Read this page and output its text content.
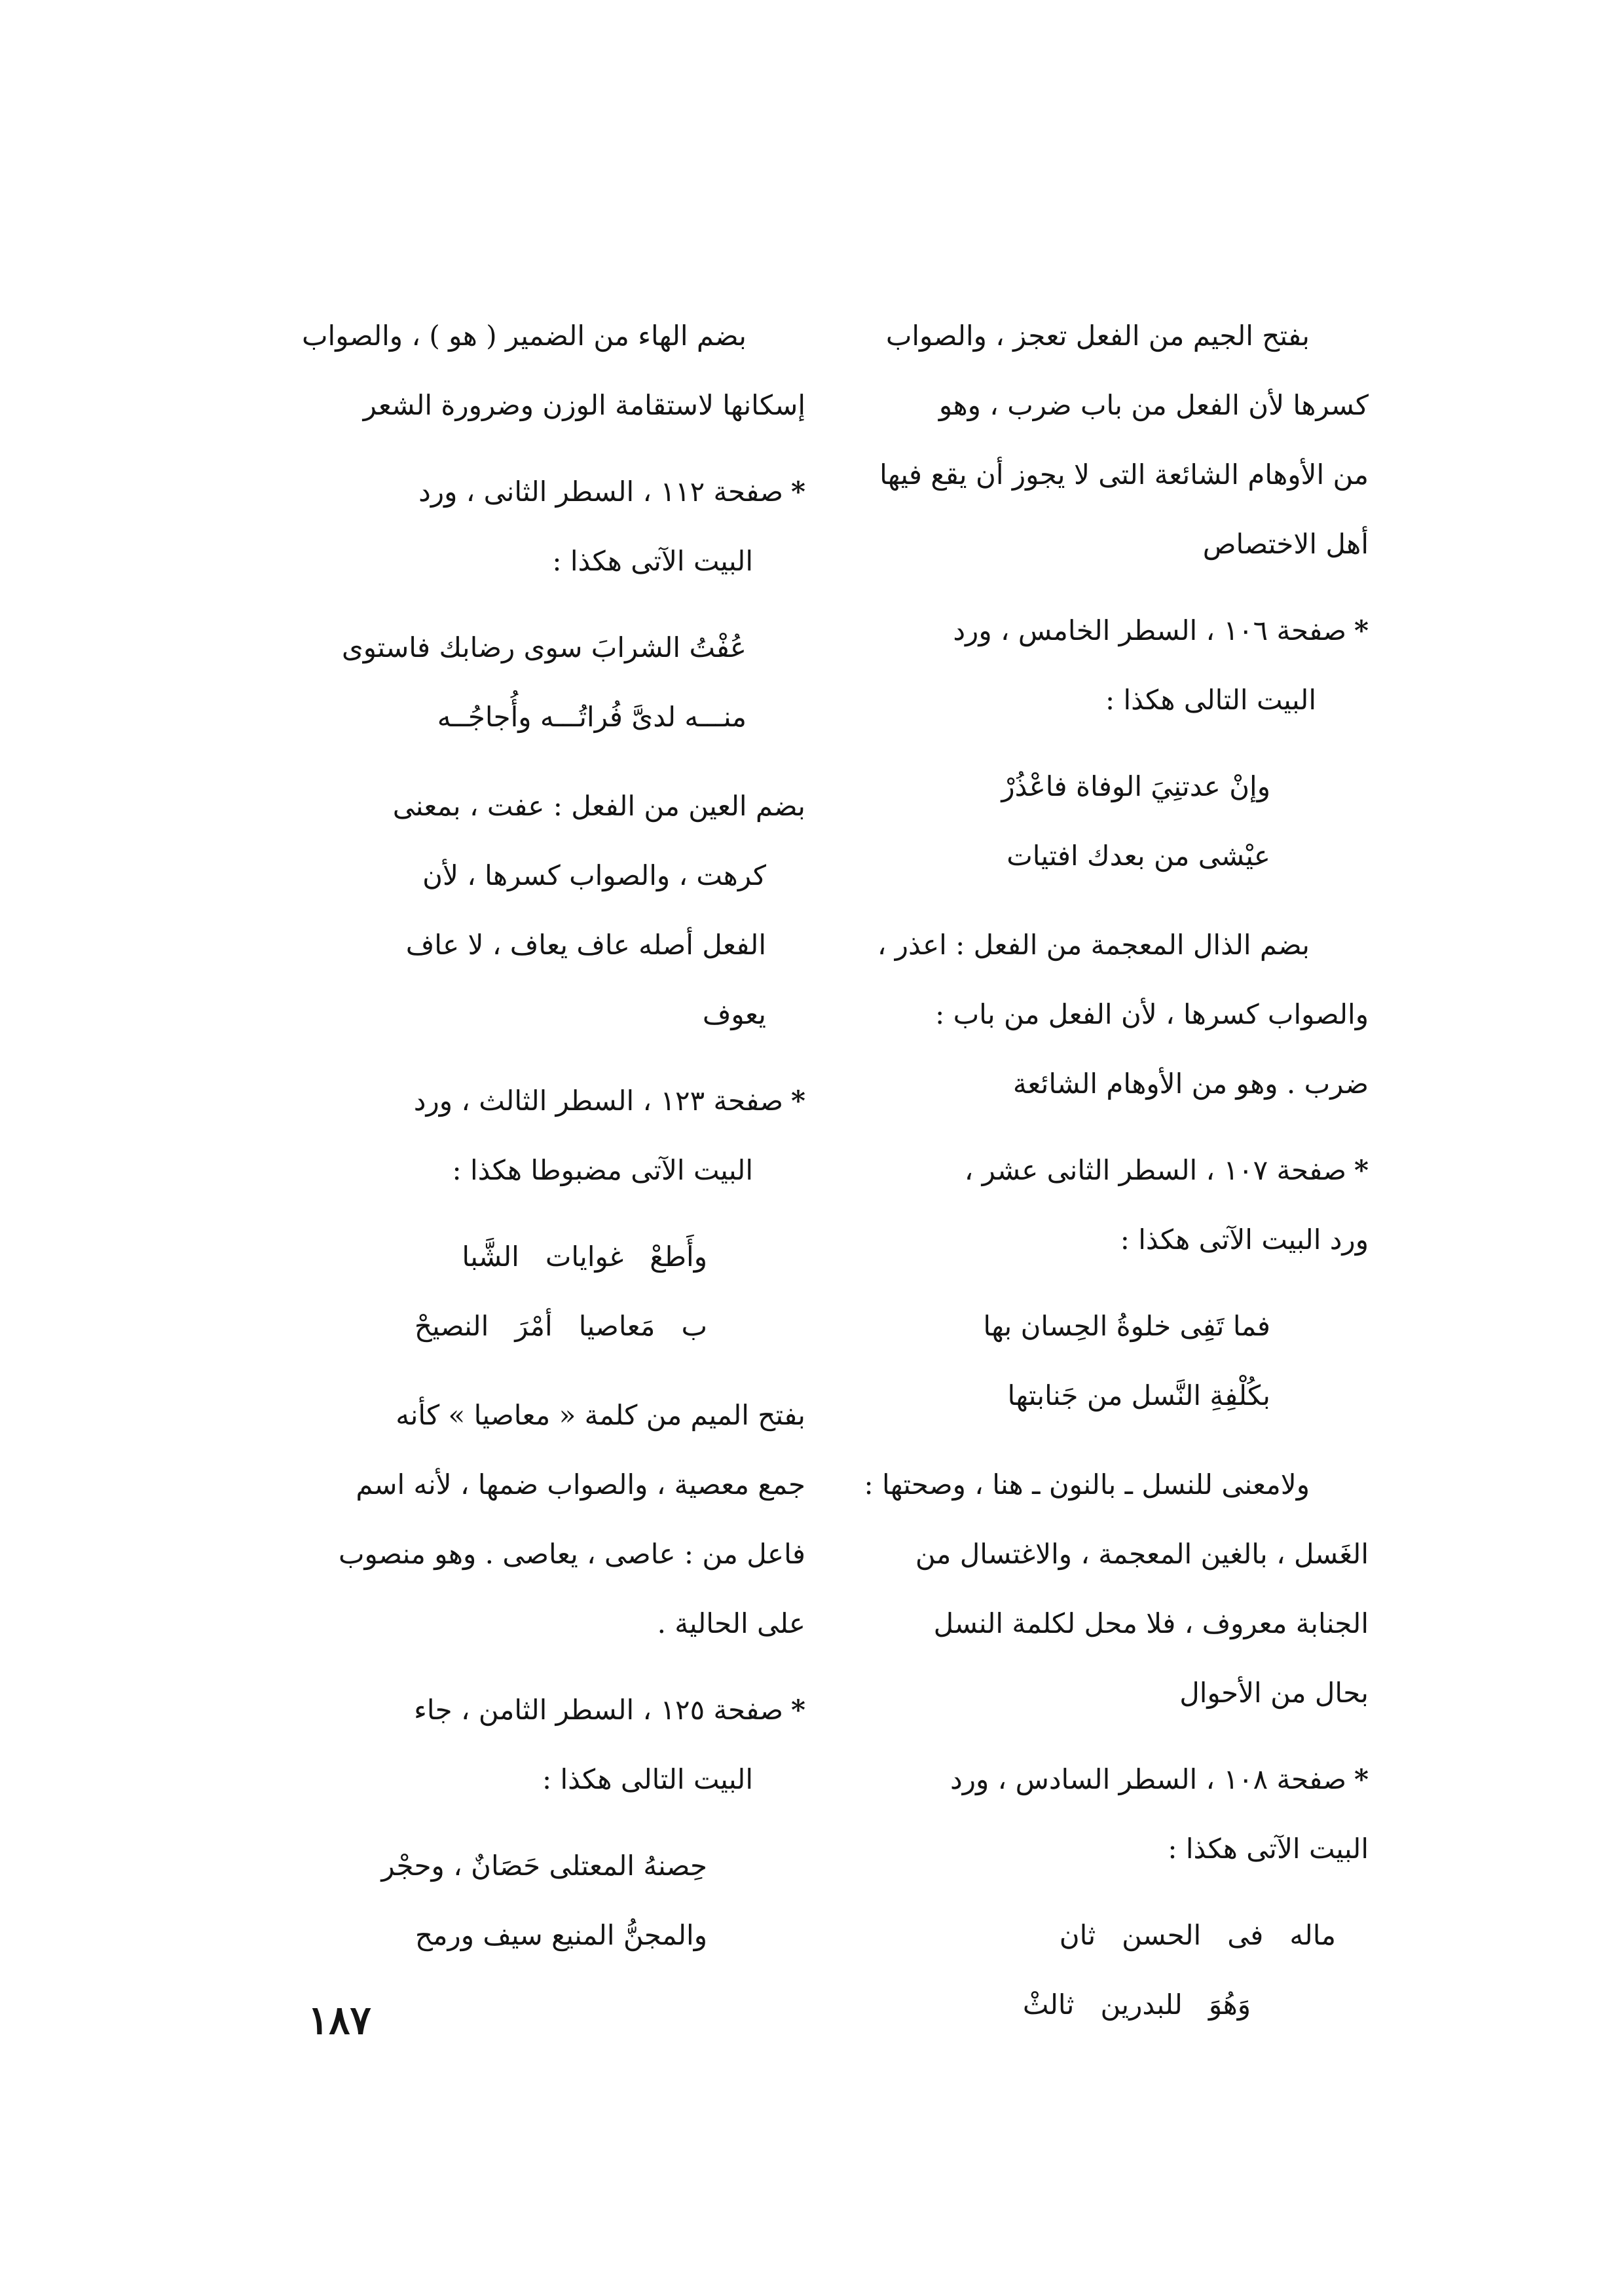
بفتح الجيم من الفعل تعجز ، والصواب

كسرها لأن الفعل من باب ضرب ، وهو

من الأوهام الشائعة التى لا يجوز أن يقع فيها

أهل الاختصاص

*صفحة ١٠٦ ، السطر الخامس ، ورد

البيت التالى هكذا :

وإنْ عدتنِيَ الوفاة فاعْذُرْ

عيْشى من بعدك افتيات

بضم الذال المعجمة من الفعل : اعذر ،

والصواب كسرها ، لأن الفعل من باب :

ضرب . وهو من الأوهام الشائعة

*صفحة ١٠٧ ، السطر الثانى عشر ،

ورد البيت الآتى هكذا :

فما تَفِى خلوةُ الحِسان بها

بكُلْفِةِ النَّسل من جَنابتها

ولامعنى للنسل ـ بالنون ـ هنا ، وصحتها :

الغَسل ، بالغين المعجمة ، والاغتسال من

الجنابة معروف ، فلا محل لكلمة النسل

بحال من الأحوال

*صفحة ١٠٨ ، السطر السادس ، ورد

البيت الآتى هكذا :

ماله   فى   الحسن   ثان

وَهُوَ   للبدرين   ثالثْ

بضم الهاء من الضمير ( هو ) ، والصواب

إسكانها لاستقامة الوزن وضرورة الشعر

*صفحة ١١٢ ، السطر الثانى ، ورد

البيت الآتى هكذا :

عُفْتُ الشرابَ سوى رضابك فاستوى

منـــه لدىَّ فُراتُـــه وأُجاجُــه

بضم العين من الفعل : عفت ، بمعنى

كرهت ، والصواب كسرها ، لأن

الفعل أصله عاف يعاف ، لا عاف

يعوف

*صفحة ١٢٣ ، السطر الثالث ، ورد

البيت الآتى مضبوطا هكذا :

وأَطعْ   غوايات   الشَّبا

ب   مَعاصيا   أمْرَ   النصيحْ

بفتح الميم من كلمة « معاصيا » كأنه

جمع معصية ، والصواب ضمها ، لأنه اسم

فاعل من : عاصى ، يعاصى . وهو منصوب

على الحالية .

*صفحة ١٢٥ ، السطر الثامن ، جاء

البيت التالى هكذا :

حِصنهُ المعتلى حَصَانٌ ، وحجْر

والمجنُّ المنيع سيف ورمح

١٨٧
